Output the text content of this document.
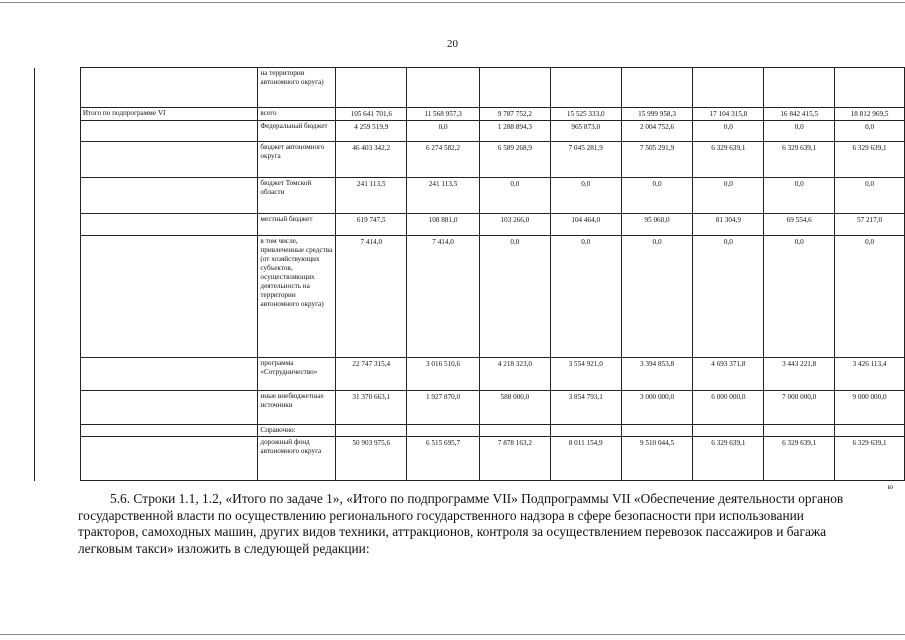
20
		на территории автономного округа)								
	Итого по подпрограмме VI	всего	105 641 701,6	11 568 957,3	9 787 752,2	15 525 333,0	15 999 958,3	17 104 315,8	16 842 415,5	18 812 969,5
		Федеральный бюджет	4 259 519,9	0,0	1 288 894,3	965 873,0	2 004 752,6	0,0	0,0	0,0
		бюджет автономного округа	46 403 342,2	6 274 582,2	6 589 268,9	7 045 281,9	7 505 291,9	6 329 639,1	6 329 639,1	6 329 639,1
		бюджет Томской области	241 113,5	241 113,5	0,0	0,0	0,0	0,0	0,0	0,0
		местный бюджет	619 747,5	108 881,0	103 266,0	104 464,0	95 060,0	81 304,9	69 554,6	57 217,0
		в том числе, привлеченные средства (от хозяйствующих субъектов, осуществляющих деятельность на территории автономного округа)	7 414,0	7 414,0	0,0	0,0	0,0	0,0	0,0	0,0
		программа «Сотрудничество»	22 747 315,4	3 016 510,6	4 218 323,0	3 554 921,0	3 394 853,8	4 693 371,8	3 443 221,8	3 426 113,4
		иные внебюджетные источники	31 370 663,1	1 927 870,0	588 000,0	3 854 793,1	3 000 000,0	6 000 000,0	7 000 000,0	9 000 000,0
		Справочно:								
		дорожный фонд автономного округа	50 903 975,6	6 515 695,7	7 878 163,2	8 011 154,9	9 510 044,5	6 329 639,1	6 329 639,1	6 329 639,1
ю
5.6. Строки 1.1, 1.2, «Итого по задаче 1», «Итого по подпрограмме VII» Подпрограммы VII «Обеспечение деятельности органов
государственной власти по осуществлению регионального государственного надзора в сфере безопасности при использовании
тракторов, самоходных машин, других видов техники, аттракционов, контроля за осуществлением перевозок пассажиров и багажа
легковым такси» изложить в следующей редакции:
